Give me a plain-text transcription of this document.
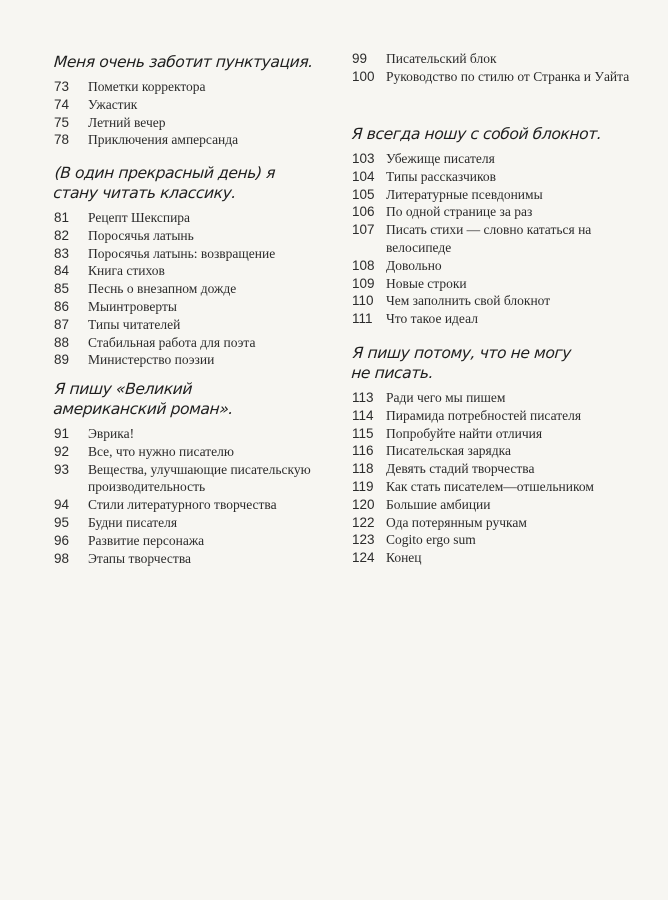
Меня очень заботит пунктуация.
73	Пометки корректора
74	Ужастик
75	Летний вечер
78	Приключения амперсанда
(В один прекрасный день) я стану читать классику.
81	Рецепт Шекспира
82	Поросячья латынь
83	Поросячья латынь: возвращение
84	Книга стихов
85	Песнь о внезапном дожде
86	Мыинтроверты
87	Типы читателей
88	Стабильная работа для поэта
89	Министерство поэзии
Я пишу «Великий американский роман».
91	Эврика!
92	Все, что нужно писателю
93	Вещества, улучшающие писательскую производительность
94	Стили литературного творчества
95	Будни писателя
96	Развитие персонажа
98	Этапы творчества
99	Писательский блок
100 Руководство по стилю от Странка и Уайта
Я всегда ношу с собой блокнот.
103 Убежище писателя
104 Типы рассказчиков
105 Литературные псевдонимы
106 По одной странице за раз
107 Писать стихи — словно кататься на велосипеде
108 Довольно
109 Новые строки
110 Чем заполнить свой блокнот
111 Что такое идеал
Я пишу потому, что не могу не писать.
113 Ради чего мы пишем
114 Пирамида потребностей писателя
115 Попробуйте найти отличия
116 Писательская зарядка
118 Девять стадий творчества
119 Как стать писателем—отшельником
120 Большие амбиции
122 Ода потерянным ручкам
123 Cogito ergo sum
124 Конец
